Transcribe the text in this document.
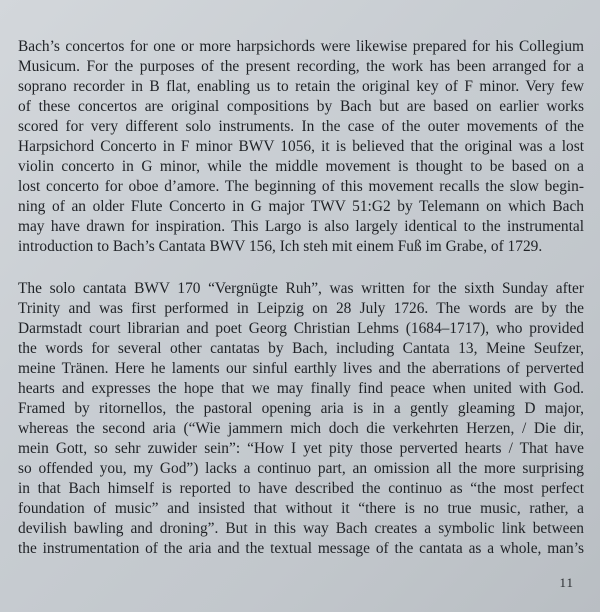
Bach’s concertos for one or more harpsichords were likewise prepared for his Collegium
Musicum. For the purposes of the present recording, the work has been arranged for a
soprano recorder in B flat, enabling us to retain the original key of F minor. Very few
of these concertos are original compositions by Bach but are based on earlier works
scored for very different solo instruments. In the case of the outer movements of the
Harpsichord Concerto in F minor BWV 1056, it is believed that the original was a lost
violin concerto in G minor, while the middle movement is thought to be based on a
lost concerto for oboe d’amore. The beginning of this movement recalls the slow begin-
ning of an older Flute Concerto in G major TWV 51:G2 by Telemann on which Bach
may have drawn for inspiration. This Largo is also largely identical to the instrumental
introduction to Bach’s Cantata BWV 156, Ich steh mit einem Fuß im Grabe, of 1729.
The solo cantata BWV 170 “Vergnügte Ruh”, was written for the sixth Sunday after
Trinity and was first performed in Leipzig on 28 July 1726. The words are by the
Darmstadt court librarian and poet Georg Christian Lehms (1684–1717), who provided
the words for several other cantatas by Bach, including Cantata 13, Meine Seufzer,
meine Tränen. Here he laments our sinful earthly lives and the aberrations of perverted
hearts and expresses the hope that we may finally find peace when united with God.
Framed by ritornellos, the pastoral opening aria is in a gently gleaming D major,
whereas the second aria (“Wie jammern mich doch die verkehrten Herzen, / Die dir,
mein Gott, so sehr zuwider sein”: “How I yet pity those perverted hearts / That have
so offended you, my God”) lacks a continuo part, an omission all the more surprising
in that Bach himself is reported to have described the continuo as “the most perfect
foundation of music” and insisted that without it “there is no true music, rather, a
devilish bawling and droning”. But in this way Bach creates a symbolic link between
the instrumentation of the aria and the textual message of the cantata as a whole, man’s
11
